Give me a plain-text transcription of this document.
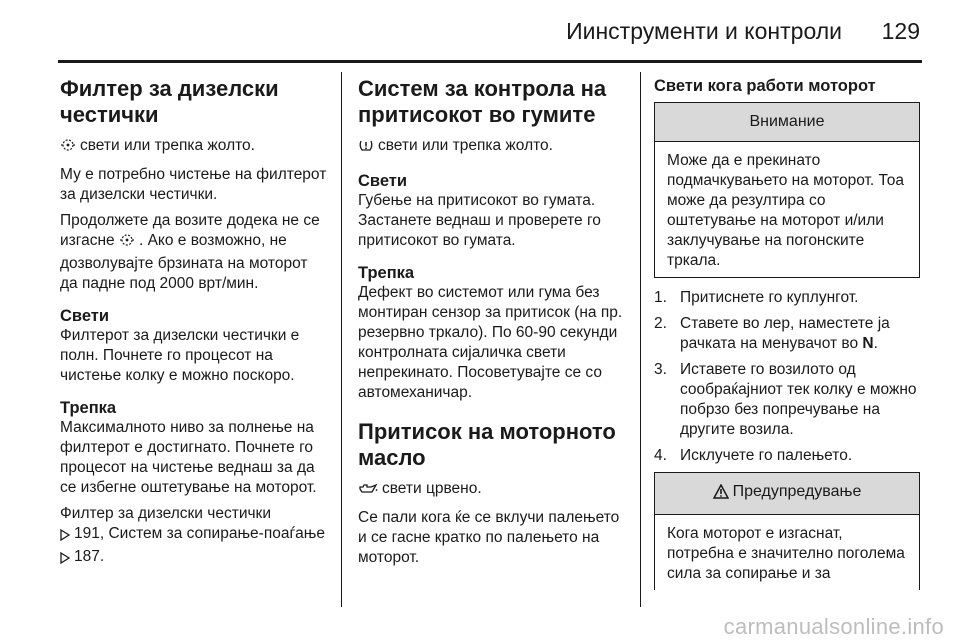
Иинструменти и контроли 129
Филтер за дизелски честички

свети или трепка жолто.

Му е потребно чистење на филтерот за дизелски честички.

Продолжете да возите додека не се изгасне . Ако е возможно, не дозволувајте брзината на моторот да падне под 2000 врт/мин.

Свети

Филтерот за дизелски честички е полн. Почнете го процесот на чистење колку е можно поскоро.

Трепка

Максималното ниво за полнење на филтерот е достигнато. Почнете го процесот на чистење веднаш за да се избегне оштетување на моторот.

Филтер за дизелски честички
191, Систем за сопирање-поаѓање 187.

Систем за контрола на притисокот во гумите

свети или трепка жолто.

Свети

Губење на притисокот во гумата. Застанете веднаш и проверете го притисокот во гумата.

Трепка

Дефект во системот или гума без монтиран сензор за притисок (на пр. резервно тркало). По 60-90 секунди контролната сијаличка свети непрекинато. Посоветувајте се со автомеханичар.

Притисок на моторното масло

свети црвено.

Се пали кога ќе се вклучи палењето и се гасне кратко по палењето на моторот.

Свети кога работи моторот
Внимание
Може да е прекинато подмачкувањето на моторот. Тоа може да резултира со оштетување на моторот и/или заклучување на погонските тркала.
1. Притиснете го куплунгот.
2. Ставете во лер, наместете ја рачката на менувачот во N.
3. Иставете го возилото од сообраќајниот тек колку е можно побрзо без попречување на другите возила.
4. Исклучете го палењето.
Предупредување
Кога моторот е изгаснат, потребна е значително поголема сила за сопирање и за
carmanualsonline.info
